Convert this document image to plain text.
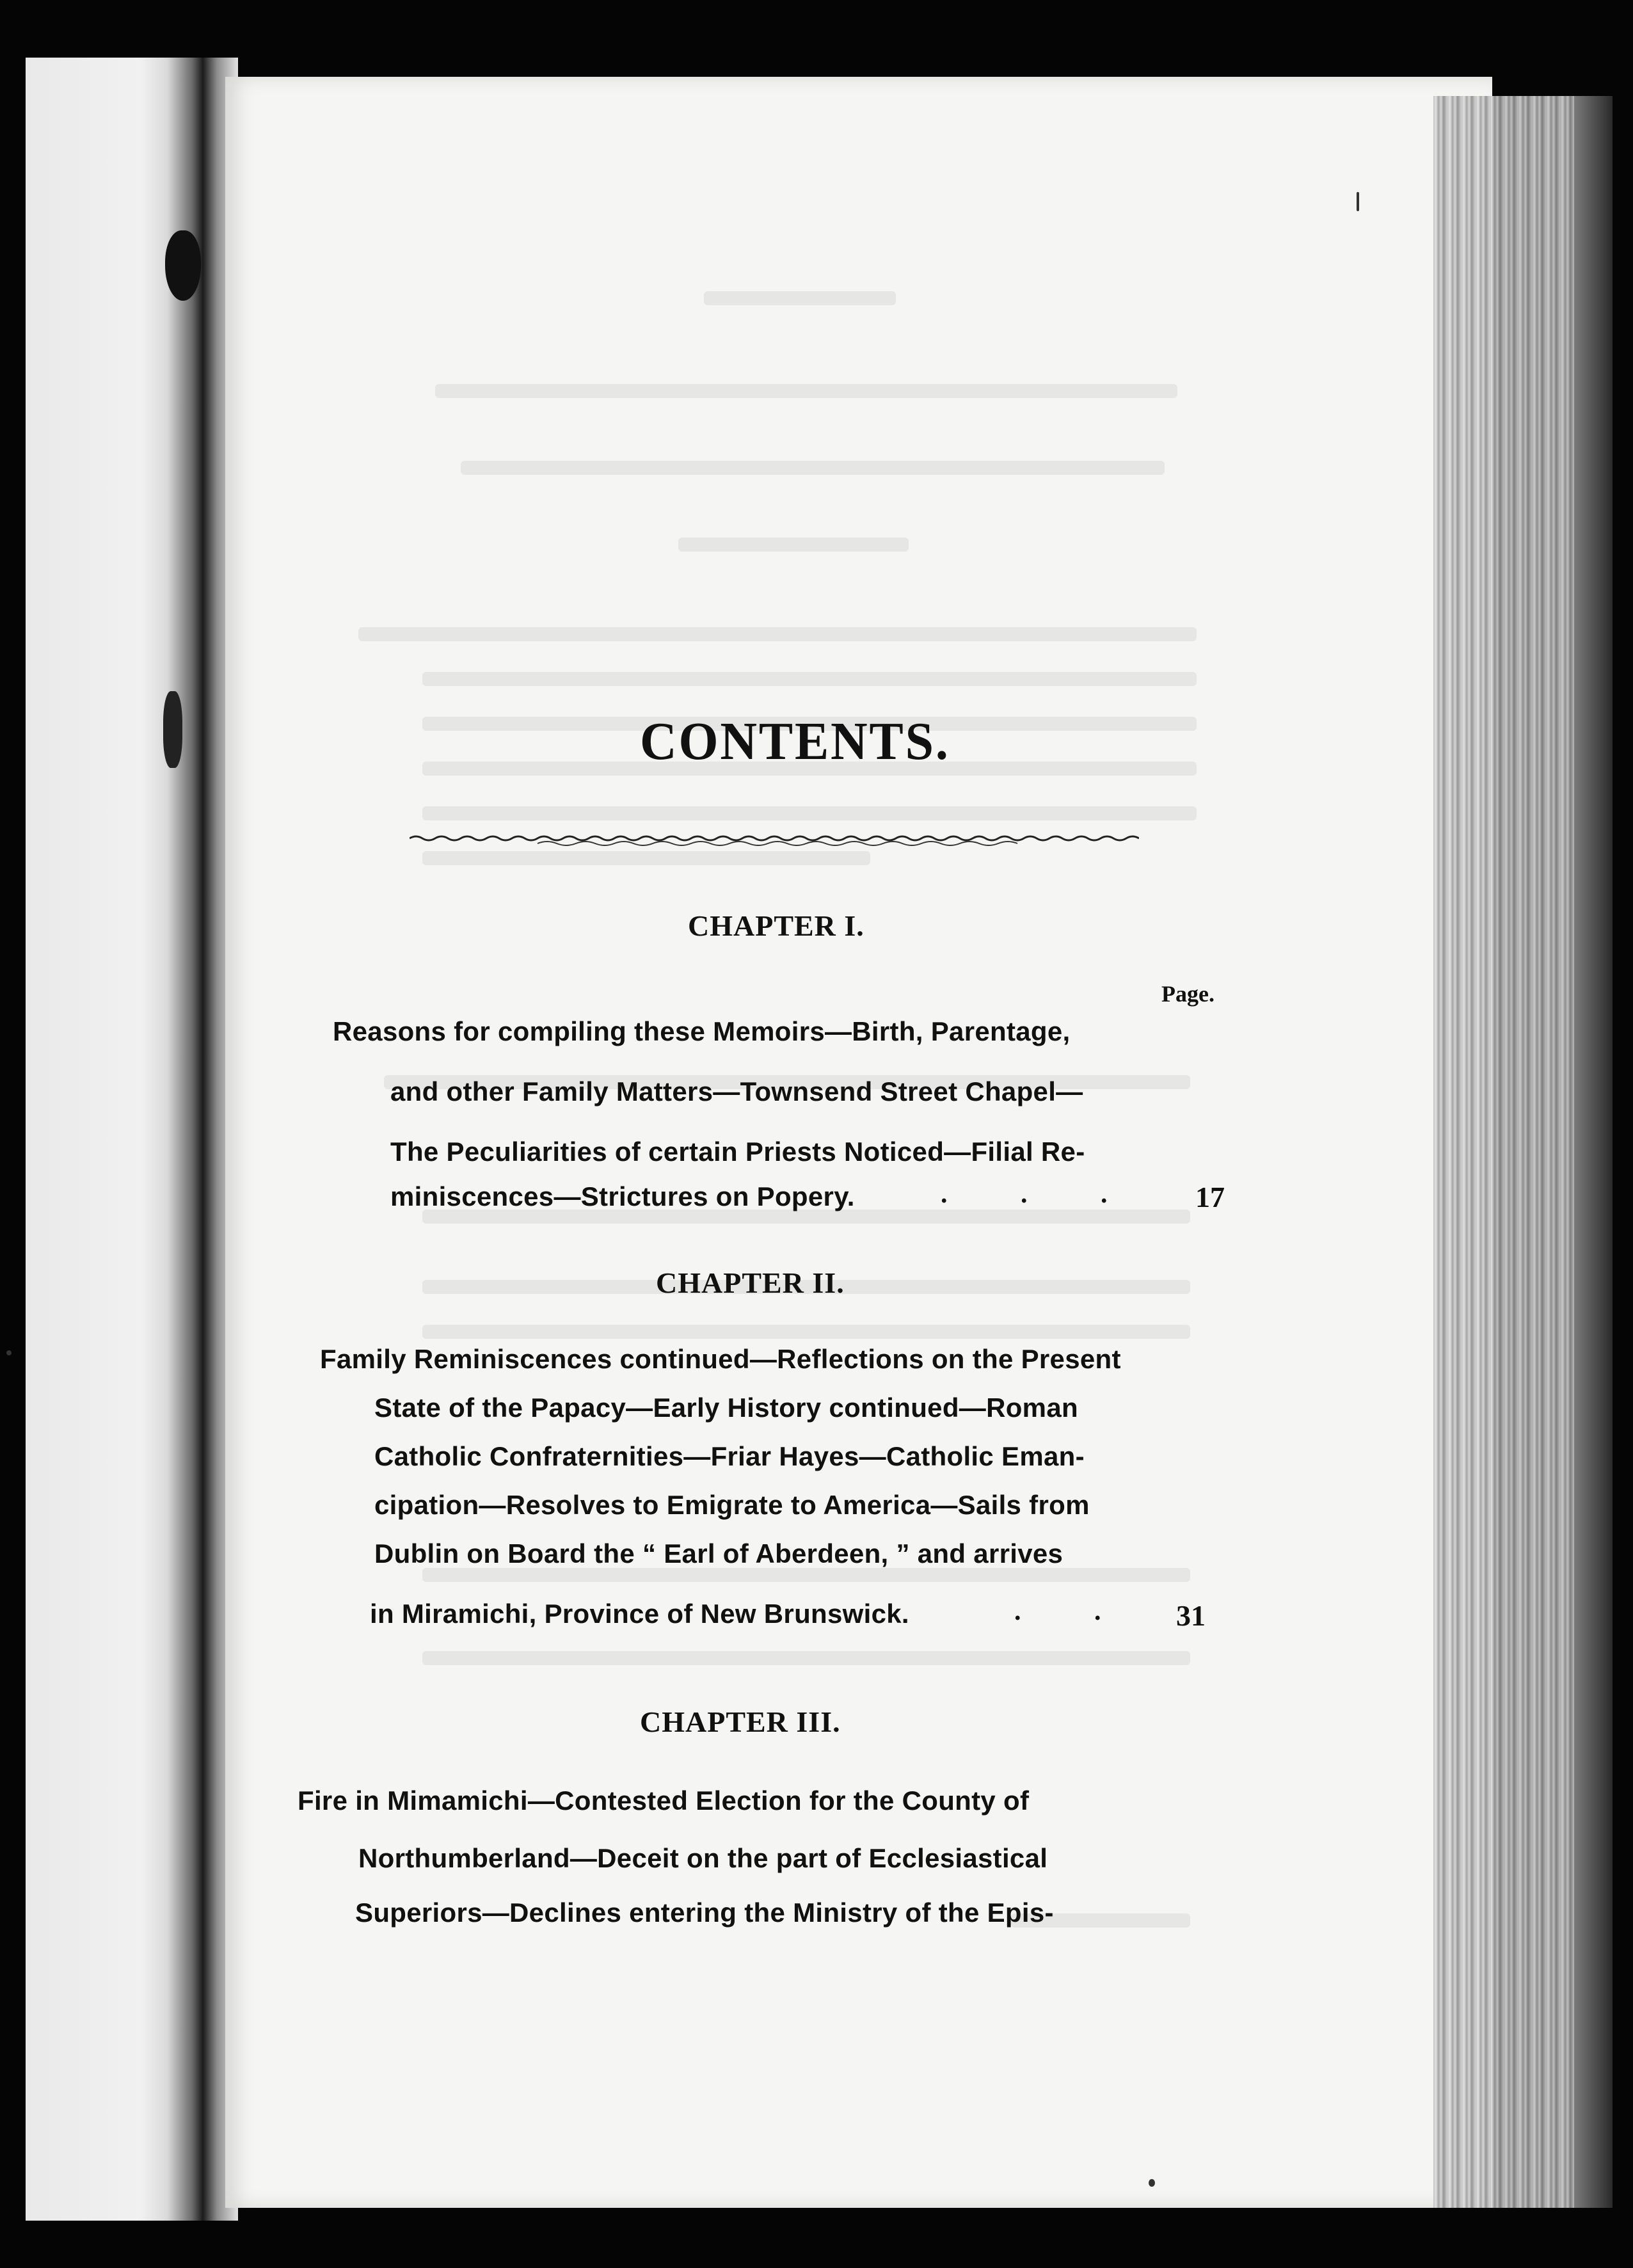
CONTENTS.
CHAPTER I.
Page.
Reasons for compiling these Memoirs—Birth, Parentage,
and other Family Matters—Townsend Street Chapel—
The Peculiarities of certain Priests Noticed—Filial Re-
miniscences—Strictures on Popery.	. . . 17
CHAPTER II.
Family Reminiscences continued—Reflections on the Present
State of the Papacy—Early History continued—Roman
Catholic Confraternities—Friar Hayes—Catholic Eman-
cipation—Resolves to Emigrate to America—Sails from
Dublin on Board the “ Earl of Aberdeen, ” and arrives
in Miramichi, Province of New Brunswick.	. . 31
CHAPTER III.
Fire in Mimamichi—Contested Election for the County of
Northumberland—Deceit on the part of Ecclesiastical
Superiors—Declines entering the Ministry of the Epis-
